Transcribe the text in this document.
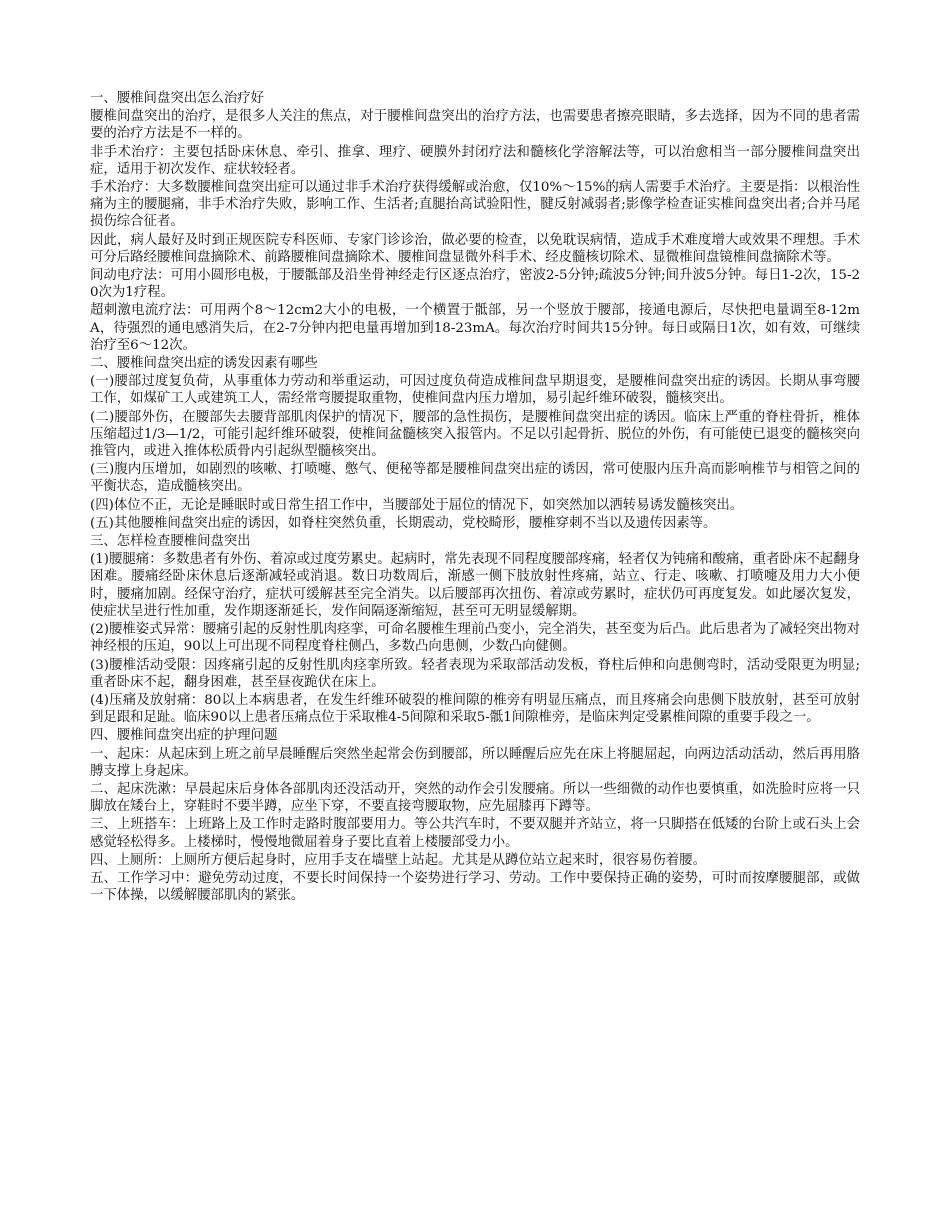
一、腰椎间盘突出怎么治疗好

腰椎间盘突出的治疗，是很多人关注的焦点，对于腰椎间盘突出的治疗方法，也需要患者擦亮眼睛，多去选择，因为不同的患者需要的治疗方法是不一样的。

非手术治疗：主要包括卧床休息、牵引、推拿、理疗、硬膜外封闭疗法和髓核化学溶解法等，可以治愈相当一部分腰椎间盘突出症，适用于初次发作、症状较轻者。

手术治疗：大多数腰椎间盘突出症可以通过非手术治疗获得缓解或治愈，仅10%～15%的病人需要手术治疗。主要是指：以根治性痛为主的腰腿痛，非手术治疗失败，影响工作、生活者;直腿抬高试验阳性，腱反射减弱者;影像学检查证实椎间盘突出者;合并马尾损伤综合征者。

因此，病人最好及时到正规医院专科医师、专家门诊诊治，做必要的检查，以免耽误病情，造成手术难度增大或效果不理想。手术可分后路经腰椎间盘摘除术、前路腰椎间盘摘除术、腰椎间盘显微外科手术、经皮髓核切除术、显微椎间盘镜椎间盘摘除术等。

间动电疗法：可用小圆形电极，于腰骶部及沿坐骨神经走行区逐点治疗，密波2-5分钟;疏波5分钟;间升波5分钟。每日1-2次，15-20次为1疗程。

超刺激电流疗法：可用两个8～12cm2大小的电极，一个横置于骶部，另一个竖放于腰部，接通电源后，尽快把电量调至8-12mA，待强烈的通电感消失后，在2-7分钟内把电量再增加到18-23mA。每次治疗时间共15分钟。每日或隔日1次，如有效，可继续治疗至6～12次。

二、腰椎间盘突出症的诱发因素有哪些

(一)腰部过度复负荷，从事重体力劳动和举重运动，可因过度负荷造成椎间盘早期退变，是腰椎间盘突出症的诱因。长期从事弯腰工作，如煤矿工人或建筑工人，需经常弯腰提取重物，使椎间盘内压力增加，易引起纤维环破裂，髓核突出。

(二)腰部外伤，在腰部失去腰背部肌肉保护的情况下，腰部的急性损伤，是腰椎间盘突出症的诱因。临床上严重的脊柱骨折，椎体压缩超过1/3—1/2，可能引起纤维环破裂，使椎间盆髓核突入报管内。不足以引起骨折、脱位的外伤，有可能使已退变的髓核突向推管内，或进入推体松质骨内引起纵型髓核突出。

(三)腹内压增加，如剧烈的咳嗽、打喷嚏、憋气、便秘等都是腰椎间盘突出症的诱因，常可使服内压升高而影响椎节与相管之间的平衡状态，造成髓核突出。

(四)体位不正，无论是睡眠时或日常生招工作中，当腰部处于屈位的情况下，如突然加以洒转易诱发髓核突出。

(五)其他腰椎间盘突出症的诱因，如脊柱突然负重，长期震动，党校畸形，腰椎穿刺不当以及遗传因素等。

三、怎样检查腰椎间盘突出

(1)腰腿痛：多数患者有外伤、着凉或过度劳累史。起病时，常先表现不同程度腰部疼痛，轻者仅为钝痛和酸痛，重者卧床不起翻身困难。腰痛经卧床休息后逐渐减轻或消退。数日功数周后，渐感一侧下肢放射性疼痛，站立、行走、咳嗽、打喷嚏及用力大小便时，腰痛加剧。经保守治疗，症状可缓解甚至完全消失。以后腰部再次扭伤、着凉或劳累时，症状仍可再度复发。如此屡次复发，使症状呈进行性加重，发作期逐渐延长，发作间隔逐渐缩短，甚至可无明显缓解期。

(2)腰椎姿式异常：腰痛引起的反射性肌肉痉挛，可命名腰椎生理前凸变小，完全消失，甚至变为后凸。此后患者为了减轻突出物对神经根的压迫，90以上可出现不同程度脊柱侧凸，多数凸向患侧，少数凸向健侧。

(3)腰椎活动受限：因疼痛引起的反射性肌肉痉挛所致。轻者表现为采取部活动发板，脊柱后伸和向患侧弯时，活动受限更为明显;重者卧床不起，翻身困难，甚至昼夜跪伏在床上。

(4)压痛及放射痛：80以上本病患者，在发生纤维环破裂的椎间隙的椎旁有明显压痛点，而且疼痛会向患侧下肢放射，甚至可放射到足跟和足趾。临床90以上患者压痛点位于采取椎4-5间隙和采取5-骶1间隙椎旁，是临床判定受累椎间隙的重要手段之一。

四、腰椎间盘突出症的护理问题

一、起床：从起床到上班之前早晨睡醒后突然坐起常会伤到腰部，所以睡醒后应先在床上将腿屈起，向两边活动活动，然后再用胳膊支撑上身起床。

二、起床洗漱：早晨起床后身体各部肌肉还没活动开，突然的动作会引发腰痛。所以一些细微的动作也要慎重，如洗脸时应将一只脚放在矮台上，穿鞋时不要半蹲，应坐下穿，不要直接弯腰取物，应先屈膝再下蹲等。

三、上班搭车：上班路上及工作时走路时腹部要用力。等公共汽车时，不要双腿并齐站立，将一只脚搭在低矮的台阶上或石头上会感觉轻松得多。上楼梯时，慢慢地微屈着身子要比直着上楼腰部受力小。

四、上厕所：上厕所方便后起身时，应用手支在墙壁上站起。尤其是从蹲位站立起来时，很容易伤着腰。

五、工作学习中：避免劳动过度，不要长时间保持一个姿势进行学习、劳动。工作中要保持正确的姿势，可时而按摩腰腿部，或做一下体操，以缓解腰部肌肉的紧张。
